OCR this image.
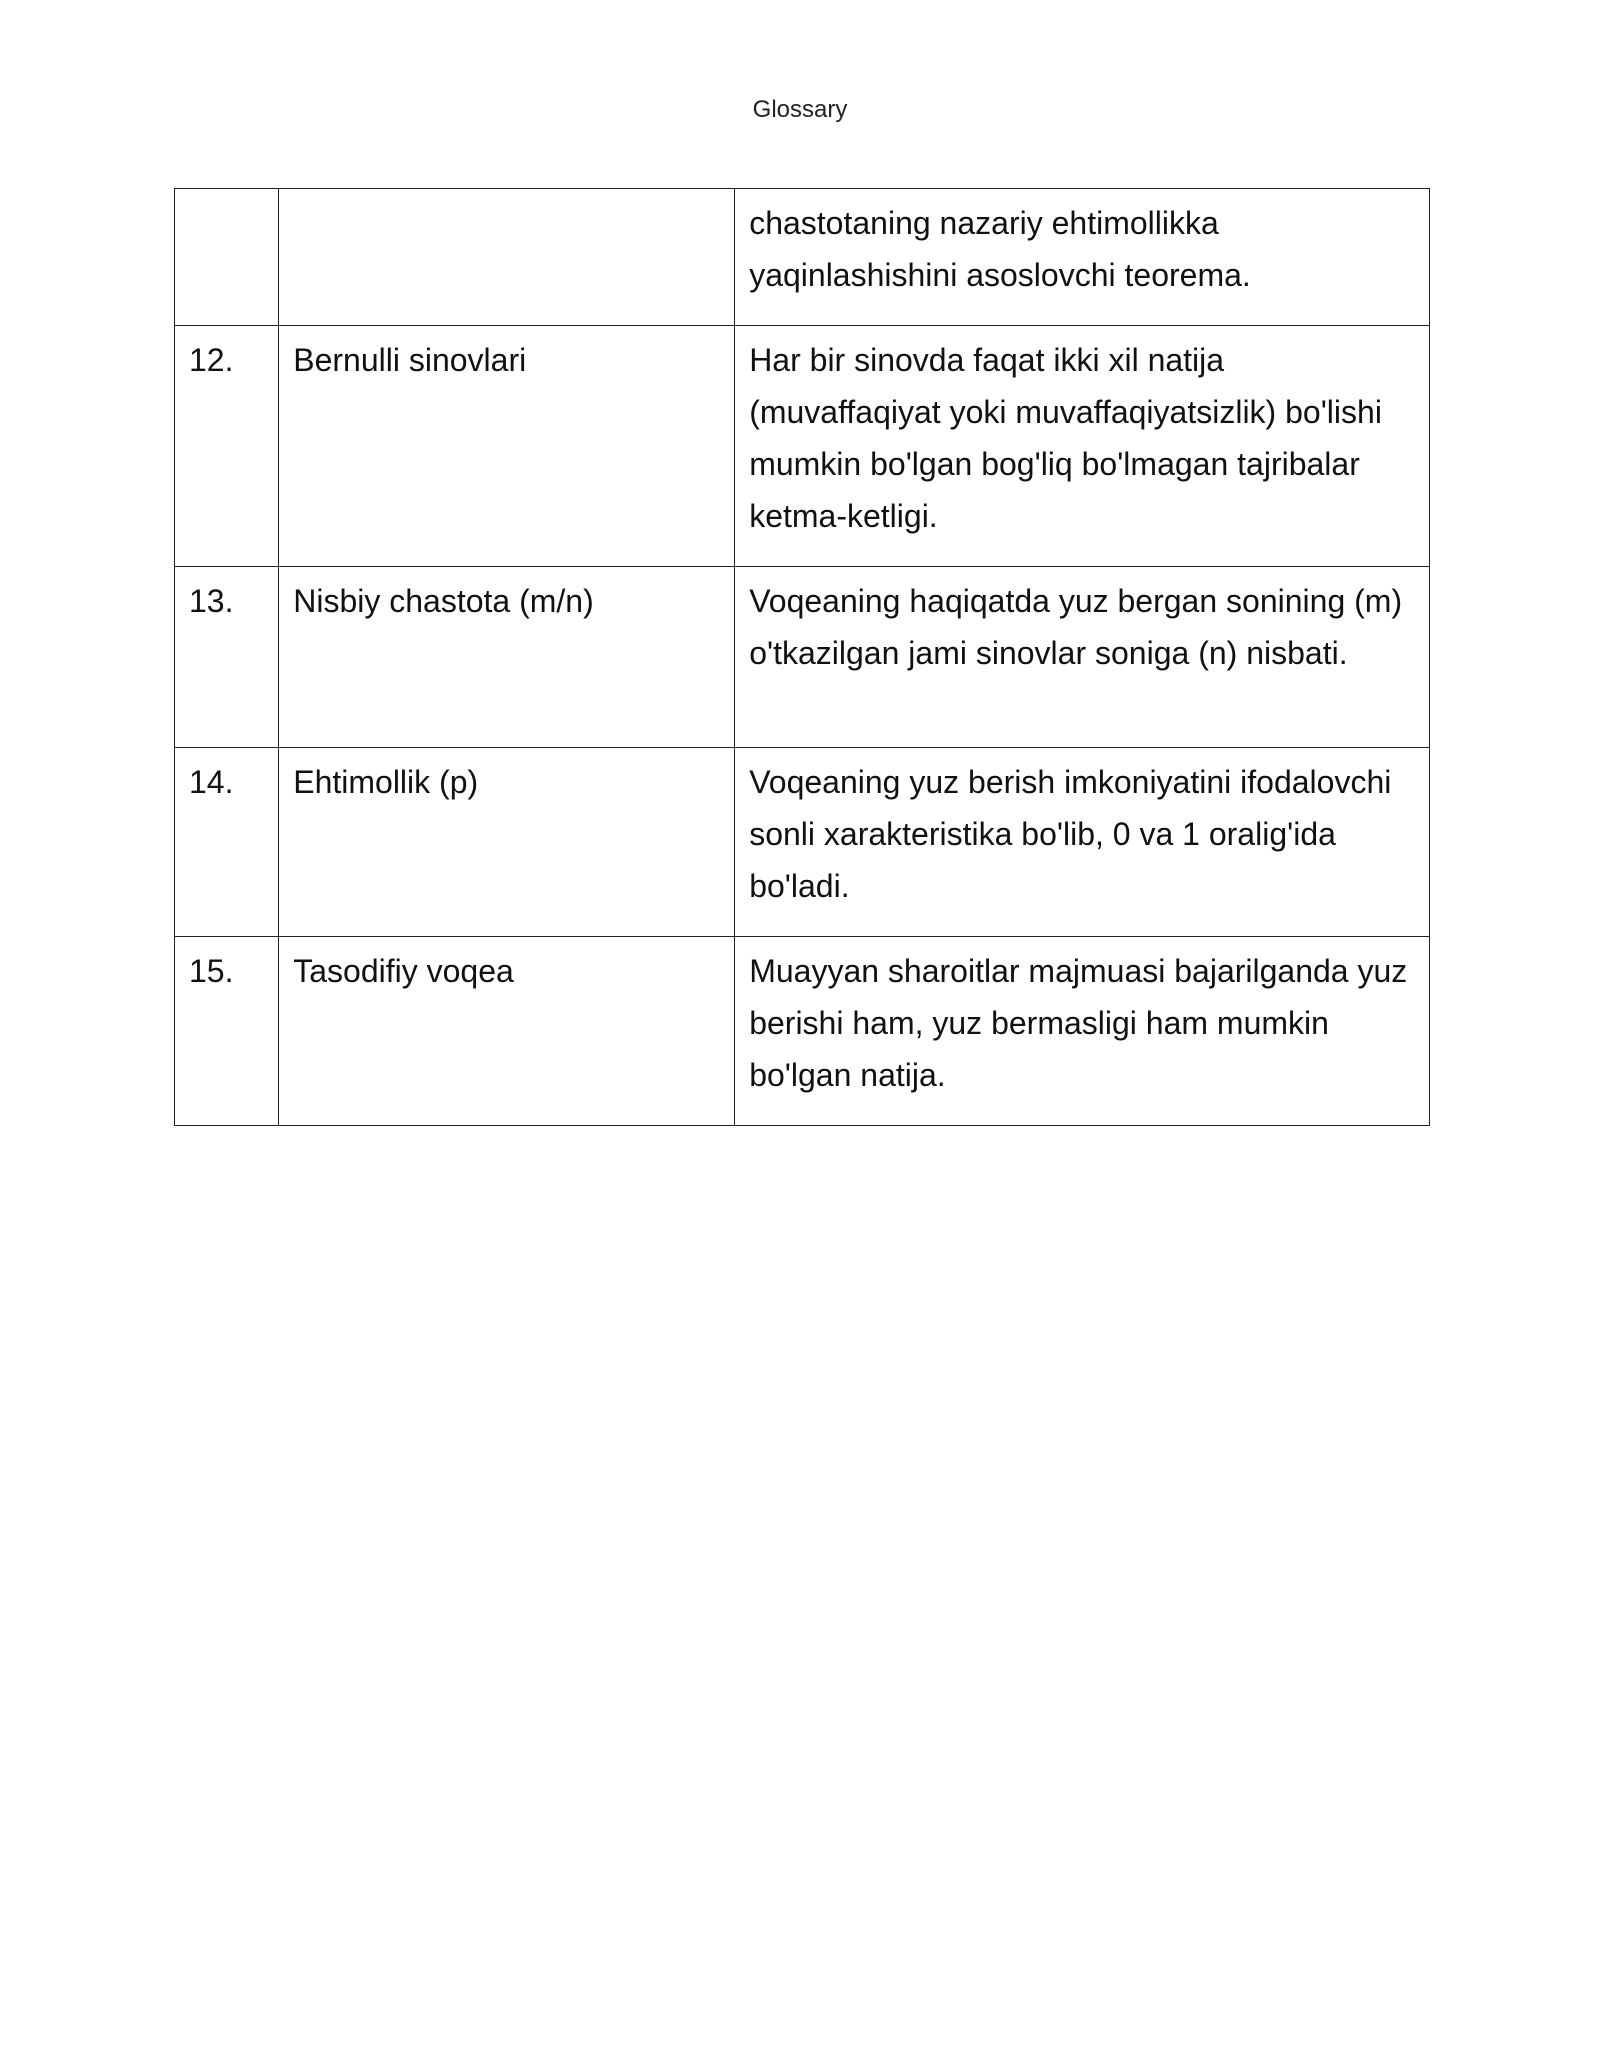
Glossary
		chastotaning nazariy ehtimollikka yaqinlashishini asoslovchi teorema.
12.	Bernulli sinovlari	Har bir sinovda faqat ikki xil natija (muvaffaqiyat yoki muvaffaqiyatsizlik) bo'lishi mumkin bo'lgan bog'liq bo'lmagan tajribalar ketma-ketligi.
13.	Nisbiy chastota (m/n)	Voqeaning haqiqatda yuz bergan sonining (m) o'tkazilgan jami sinovlar soniga (n) nisbati.
14.	Ehtimollik (p)	Voqeaning yuz berish imkoniyatini ifodalovchi sonli xarakteristika bo'lib, 0 va 1 oralig'ida bo'ladi.
15.	Tasodifiy voqea	Muayyan sharoitlar majmuasi bajarilganda yuz berishi ham, yuz bermasligi ham mumkin bo'lgan natija.
